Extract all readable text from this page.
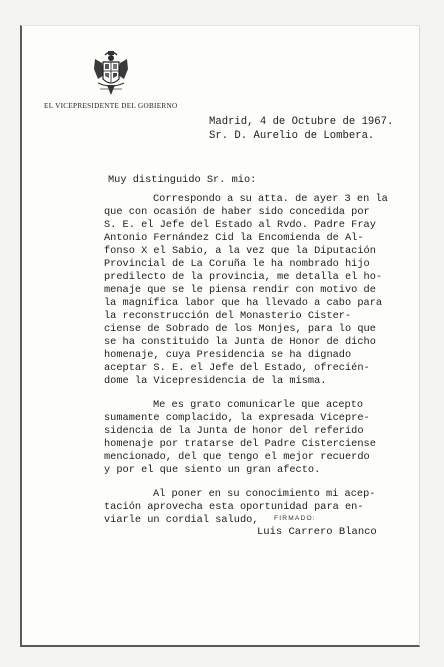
EL VICEPRESIDENTE DEL GOBIERNO
Madrid, 4 de Octubre de 1967.
Sr. D. Aurelio de Lombera.
Muy distinguido Sr. mio:
Correspondo a su atta. de ayer 3 en la
que con ocasión de haber sido concedida por
S. E. el Jefe del Estado al Rvdo. Padre Fray
Antonio Fernández Cid la Encomienda de Al-
fonso X el Sabio, a la vez que la Diputación
Provincial de La Coruña le ha nombrado hijo
predilecto de la provincia, me detalla el ho-
menaje que se le piensa rendir con motivo de
la magnífica labor que ha llevado a cabo para
la reconstrucción del Monasterio Cister-
ciense de Sobrado de los Monjes, para lo que
se ha constituido la Junta de Honor de dicho
homenaje, cuya Presidencia se ha dignado
aceptar S. E. el Jefe del Estado, ofrecién-
dome la Vicepresidencia de la misma.
Me es grato comunicarle que acepto
sumamente complacido, la expresada Vicepre-
sidencia de la Junta de honor del referido
homenaje por tratarse del Padre Cisterciense
mencionado, del que tengo el mejor recuerdo
y por el que siento un gran afecto.
Al poner en su conocimiento mi acep-
tación aprovecha esta oportunidad para en-
viarle un cordial saludo, FIRMADO:
Luis Carrero Blanco
